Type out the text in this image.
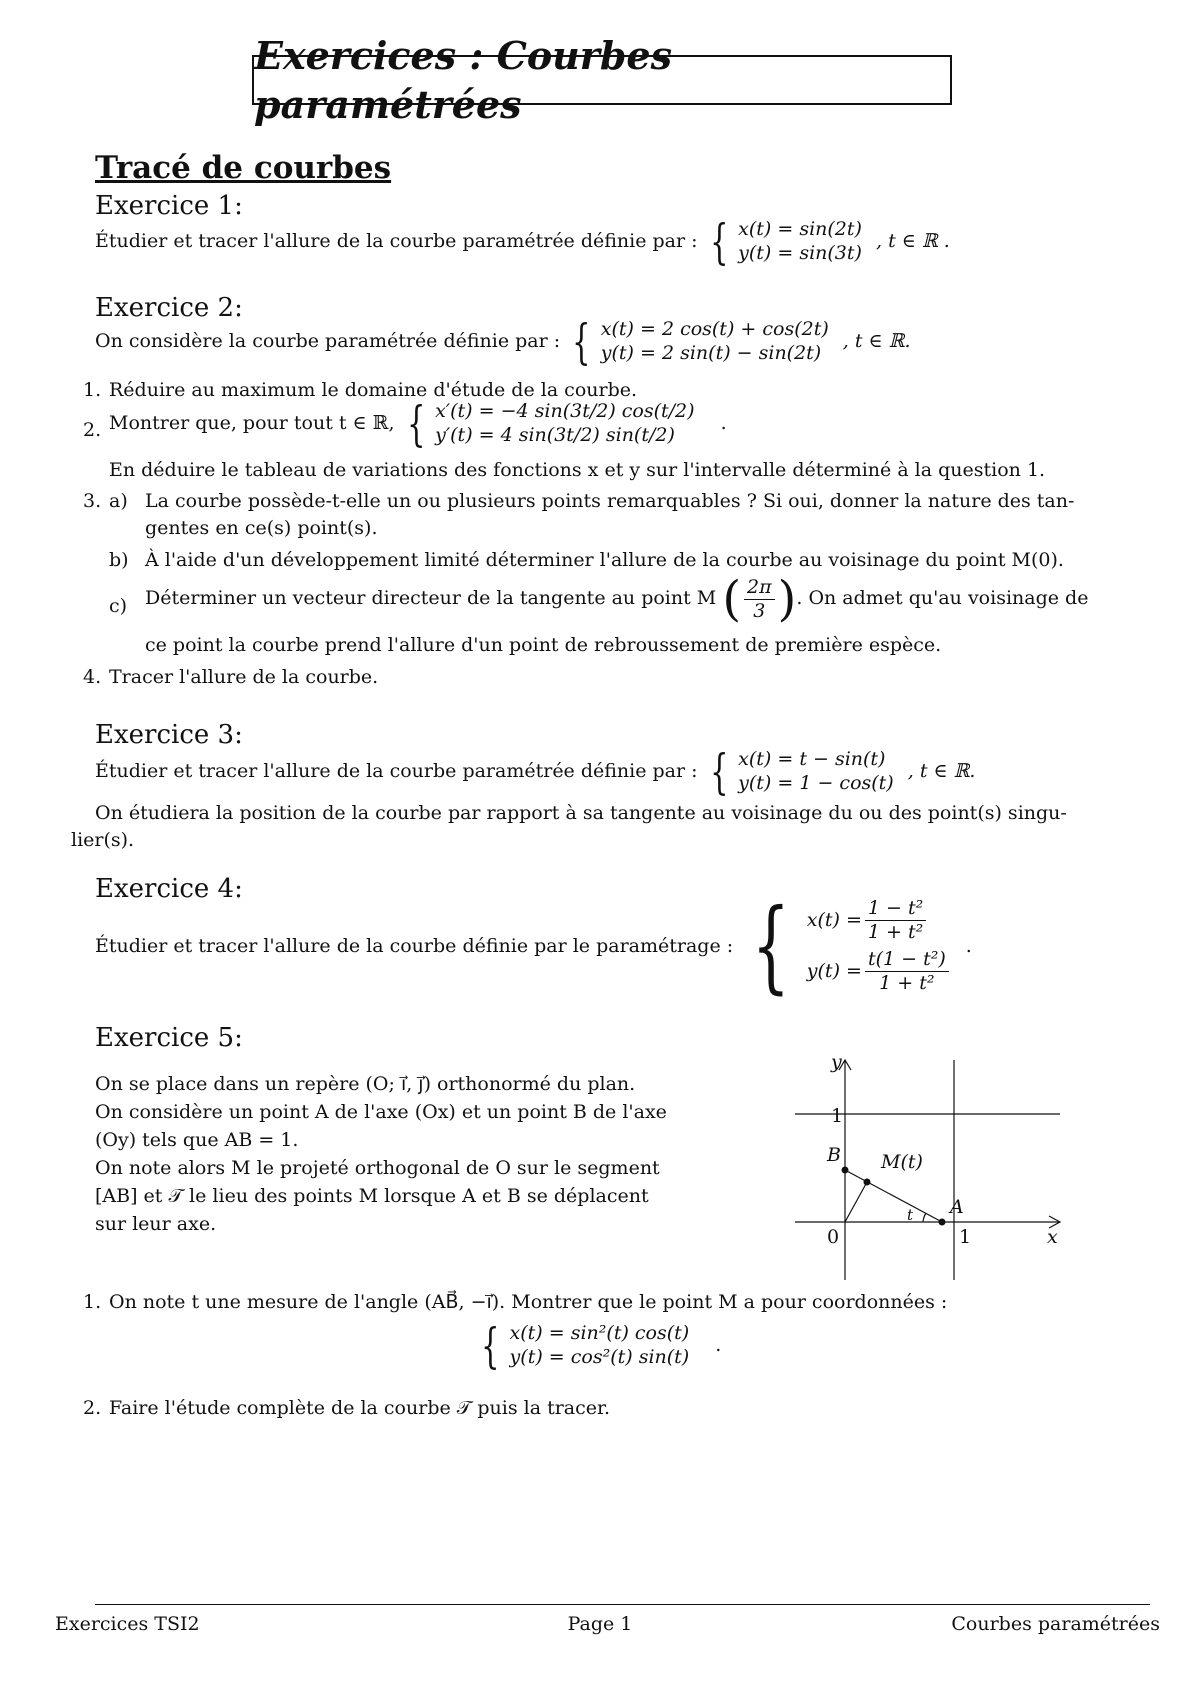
Exercices : Courbes paramétrées
Tracé de courbes
Exercice 1:
Étudier et tracer l'allure de la courbe paramétrée définie par : { x(t) = sin(2t)
y(t) = sin(3t)
, t ∈ ℝ .
Exercice 2:
On considère la courbe paramétrée définie par : { x(t) = 2 cos(t) + cos(2t)
y(t) = 2 sin(t) − sin(2t)
, t ∈ ℝ.
1. Réduire au maximum le domaine d'étude de la courbe.
2. Montrer que, pour tout t ∈ ℝ, { x′(t) = −4 sin(3t/2) cos(t/2)
y′(t) = 4 sin(3t/2) sin(t/2)
.
En déduire le tableau de variations des fonctions x et y sur l'intervalle déterminé à la question 1.
3. a) La courbe possède-t-elle un ou plusieurs points remarquables ? Si oui, donner la nature des tan-
gentes en ce(s) point(s).
b) À l'aide d'un développement limité déterminer l'allure de la courbe au voisinage du point M(0).
c) Déterminer un vecteur directeur de la tangente au point M ( $\frac{2\pi}{3}$ ). On admet qu'au voisinage de
ce point la courbe prend l'allure d'un point de rebroussement de première espèce.
4. Tracer l'allure de la courbe.
Exercice 3:
Étudier et tracer l'allure de la courbe paramétrée définie par : { x(t) = t − sin(t)
y(t) = 1 − cos(t)
, t ∈ ℝ.
On étudiera la position de la courbe par rapport à sa tangente au voisinage du ou des point(s) singu-
lier(s).
Exercice 4:
Étudier et tracer l'allure de la courbe définie par le paramétrage : { $x(t) = \frac{\text{1 − t²}}{\text{1 + t²}}$
$y(t) = \frac{\text{t(1 − t²)}}{\text{1 + t²}}$
.
Exercice 5:
On se place dans un repère (O; i⃗, j⃗) orthonormé du plan.
On considère un point A de l'axe (Ox) et un point B de l'axe
(Oy) tels que AB = 1.
On note alors M le projeté orthogonal de O sur le segment
[AB] et 𝒯 le lieu des points M lorsque A et B se déplacent
sur leur axe.
y
x
B
A
M(t)
t
1
1
0
1. On note t une mesure de l'angle (AB⃗, −i⃗). Montrer que le point M a pour coordonnées :
{ x(t) = sin²(t) cos(t)
y(t) = cos²(t) sin(t)
.
2. Faire l'étude complète de la courbe 𝒯 puis la tracer.
Exercices TSI2	Page 1	Courbes paramétrées
